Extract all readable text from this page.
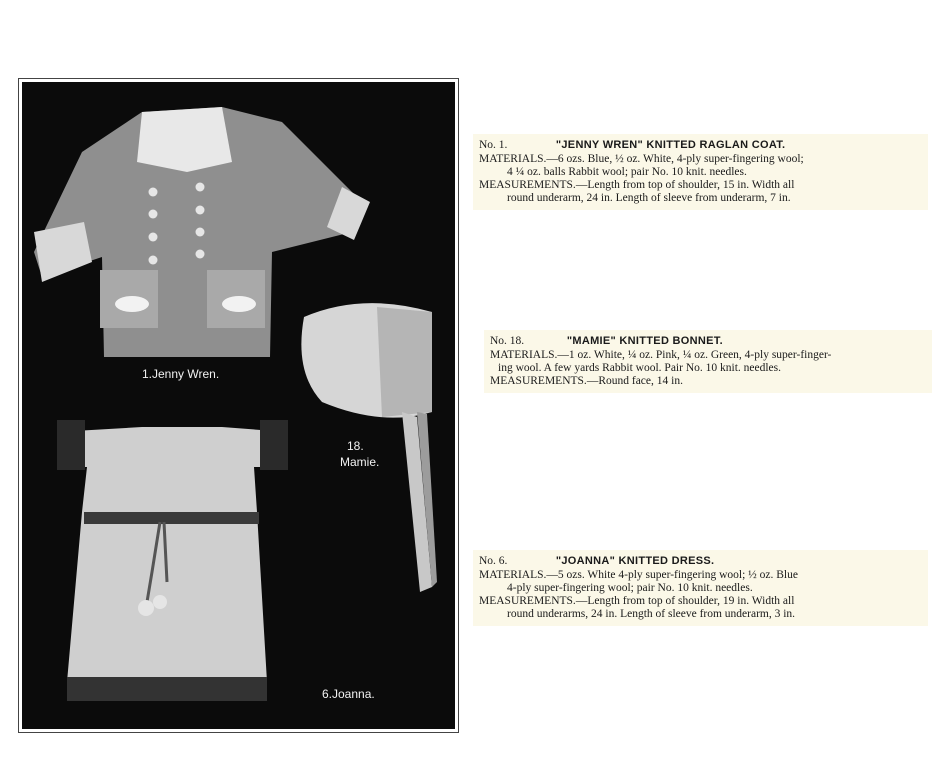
1.Jenny Wren.
18.
Mamie.
6.Joanna.
No. 1.	"JENNY WREN" KNITTED RAGLAN COAT.

MATERIALS.—6 ozs. Blue, ½ oz. White, 4-ply super-fingering wool;
4 ¼ oz. balls Rabbit wool; pair No. 10 knit. needles.

MEASUREMENTS.—Length from top of shoulder, 15 in. Width all
round underarm, 24 in. Length of sleeve from underarm, 7 in.

No. 18.	"MAMIE" KNITTED BONNET.

MATERIALS.—1 oz. White, ¼ oz. Pink, ¼ oz. Green, 4-ply super-finger-
ing wool. A few yards Rabbit wool. Pair No. 10 knit. needles.

MEASUREMENTS.—Round face, 14 in.

No. 6.	"JOANNA" KNITTED DRESS.

MATERIALS.—5 ozs. White 4-ply super-fingering wool; ½ oz. Blue
4-ply super-fingering wool; pair No. 10 knit. needles.

MEASUREMENTS.—Length from top of shoulder, 19 in. Width all
round underarms, 24 in. Length of sleeve from underarm, 3 in.
